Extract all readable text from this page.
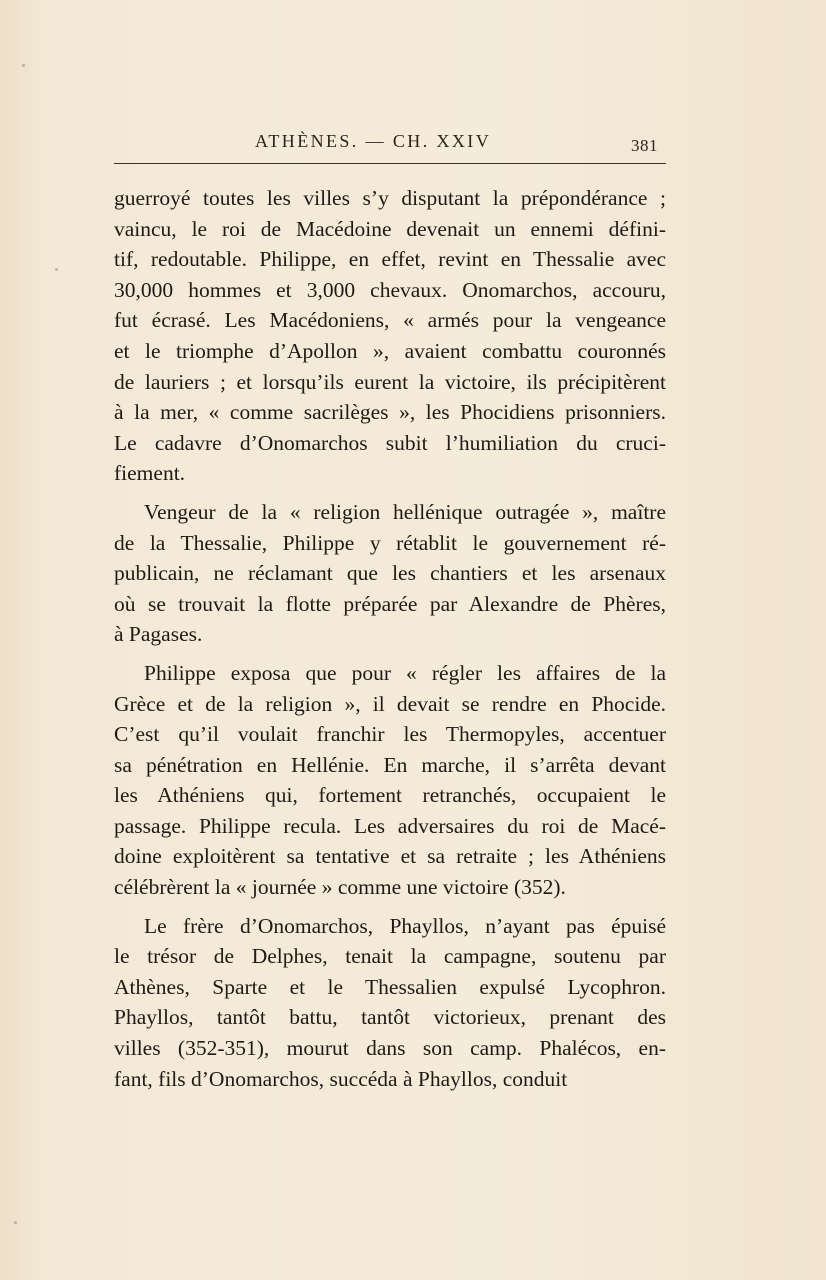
ATHÈNES. — CH. XXIV	381
guerroyé toutes les villes s’y disputant la prépondérance ;
vaincu, le roi de Macédoine devenait un ennemi défini-
tif, redoutable. Philippe, en effet, revint en Thessalie avec
30,000 hommes et 3,000 chevaux. Onomarchos, accouru,
fut écrasé. Les Macédoniens, « armés pour la vengeance
et le triomphe d’Apollon », avaient combattu couronnés
de lauriers ; et lorsqu’ils eurent la victoire, ils précipitèrent
à la mer, « comme sacrilèges », les Phocidiens prisonniers.
Le cadavre d’Onomarchos subit l’humiliation du cruci-
fiement.
Vengeur de la « religion hellénique outragée », maître
de la Thessalie, Philippe y rétablit le gouvernement ré-
publicain, ne réclamant que les chantiers et les arsenaux
où se trouvait la flotte préparée par Alexandre de Phères,
à Pagases.
Philippe exposa que pour « régler les affaires de la
Grèce et de la religion », il devait se rendre en Phocide.
C’est qu’il voulait franchir les Thermopyles, accentuer
sa pénétration en Hellénie. En marche, il s’arrêta devant
les Athéniens qui, fortement retranchés, occupaient le
passage. Philippe recula. Les adversaires du roi de Macé-
doine exploitèrent sa tentative et sa retraite ; les Athéniens
célébrèrent la « journée » comme une victoire (352).
Le frère d’Onomarchos, Phayllos, n’ayant pas épuisé
le trésor de Delphes, tenait la campagne, soutenu par
Athènes, Sparte et le Thessalien expulsé Lycophron.
Phayllos, tantôt battu, tantôt victorieux, prenant des
villes (352-351), mourut dans son camp. Phalécos, en-
fant, fils d’Onomarchos, succéda à Phayllos, conduit
